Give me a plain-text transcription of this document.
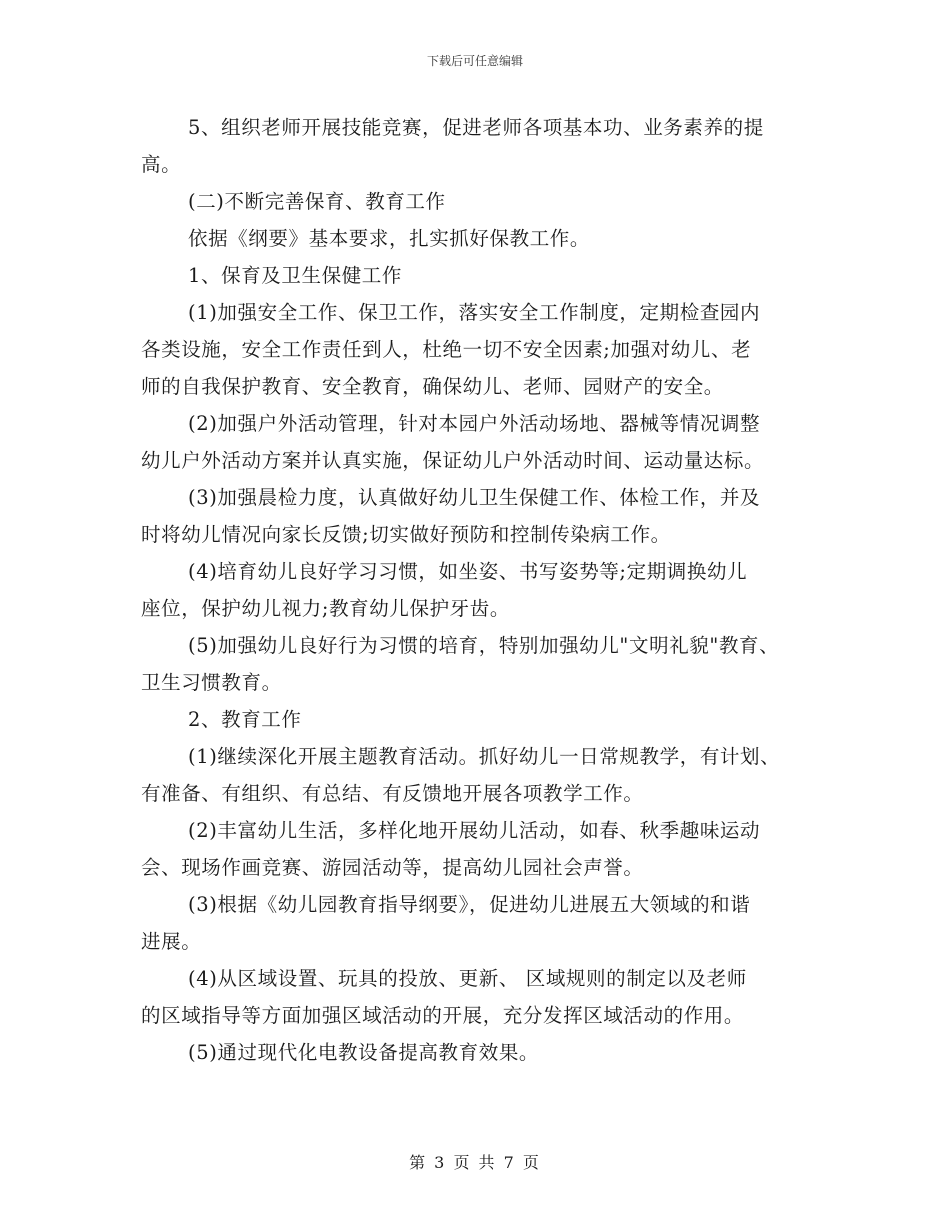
下载后可任意编辑
5、组织老师开展技能竞赛，促进老师各项基本功、业务素养的提
高。
(二)不断完善保育、教育工作
依据《纲要》基本要求，扎实抓好保教工作。
1、保育及卫生保健工作
(1)加强安全工作、保卫工作，落实安全工作制度，定期检查园内
各类设施，安全工作责任到人，杜绝一切不安全因素;加强对幼儿、老
师的自我保护教育、安全教育，确保幼儿、老师、园财产的安全。
(2)加强户外活动管理，针对本园户外活动场地、器械等情况调整
幼儿户外活动方案并认真实施，保证幼儿户外活动时间、运动量达标。
(3)加强晨检力度，认真做好幼儿卫生保健工作、体检工作，并及
时将幼儿情况向家长反馈;切实做好预防和控制传染病工作。
(4)培育幼儿良好学习习惯，如坐姿、书写姿势等;定期调换幼儿
座位，保护幼儿视力;教育幼儿保护牙齿。
(5)加强幼儿良好行为习惯的培育，特别加强幼儿"文明礼貌"教育、
卫生习惯教育。
2、教育工作
(1)继续深化开展主题教育活动。抓好幼儿一日常规教学，有计划、
有准备、有组织、有总结、有反馈地开展各项教学工作。
(2)丰富幼儿生活，多样化地开展幼儿活动，如春、秋季趣味运动
会、现场作画竞赛、游园活动等，提高幼儿园社会声誉。
(3)根据《幼儿园教育指导纲要》，促进幼儿进展五大领域的和谐
进展。
(4)从区域设置、玩具的投放、更新、 区域规则的制定以及老师
的区域指导等方面加强区域活动的开展，充分发挥区域活动的作用。
(5)通过现代化电教设备提高教育效果。
第 3 页 共 7 页
